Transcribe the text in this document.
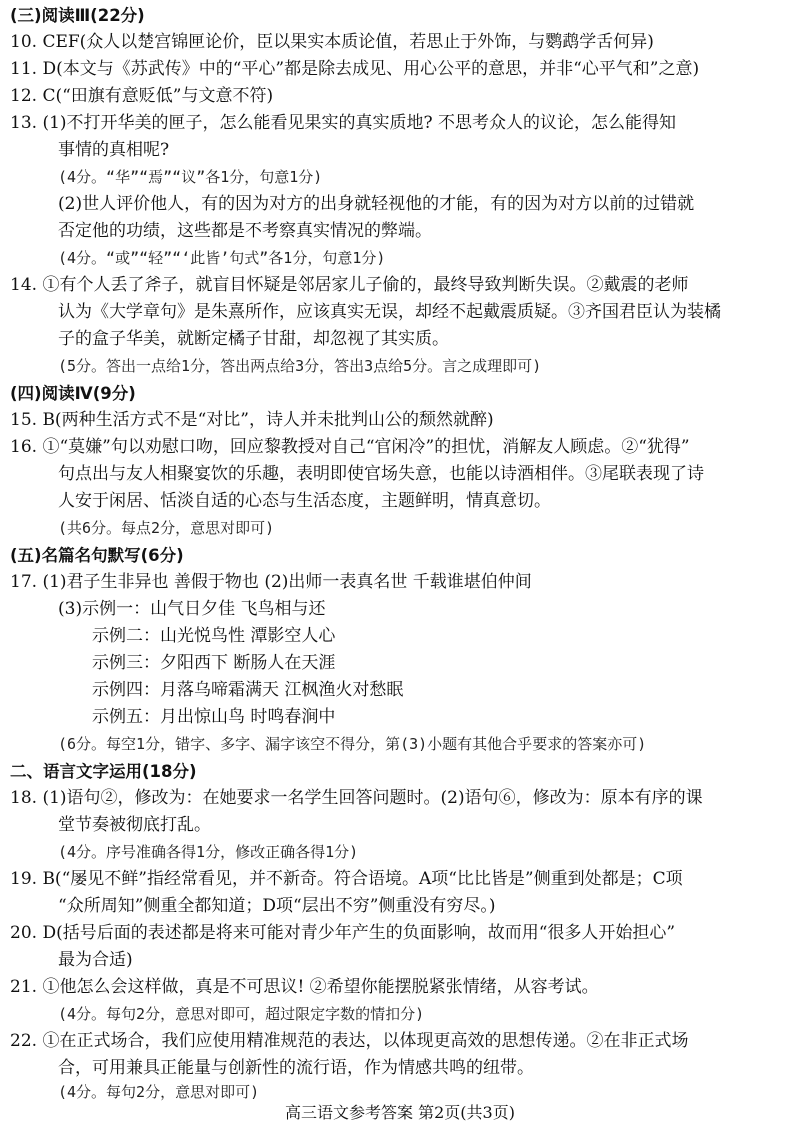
(三)阅读Ⅲ(22分)
10. CEF(众人以楚宫锦匣论价，臣以果实本质论值，若思止于外饰，与鹦鹉学舌何异)
11. D(本文与《苏武传》中的“平心”都是除去成见、用心公平的意思，并非“心平气和”之意)
12. C(“田旗有意贬低”与文意不符)
13. (1)不打开华美的匣子，怎么能看见果实的真实质地? 不思考众人的议论，怎么能得知
事情的真相呢?
(4分。“华”“焉”“议”各1分，句意1分)
(2)世人评价他人，有的因为对方的出身就轻视他的才能，有的因为对方以前的过错就
否定他的功绩，这些都是不考察真实情况的弊端。
(4分。“或”“轻”“‘此皆’句式”各1分，句意1分)
14. ①有个人丢了斧子，就盲目怀疑是邻居家儿子偷的，最终导致判断失误。②戴震的老师
认为《大学章句》是朱熹所作，应该真实无误，却经不起戴震质疑。③齐国君臣认为装橘
子的盒子华美，就断定橘子甘甜，却忽视了其实质。
(5分。答出一点给1分，答出两点给3分，答出3点给5分。言之成理即可)
(四)阅读Ⅳ(9分)
15. B(两种生活方式不是“对比”，诗人并未批判山公的颓然就醉)
16. ①“莫嫌”句以劝慰口吻，回应黎教授对自己“官闲冷”的担忧，消解友人顾虑。②“犹得”
句点出与友人相聚宴饮的乐趣，表明即使官场失意，也能以诗酒相伴。③尾联表现了诗
人安于闲居、恬淡自适的心态与生活态度，主题鲜明，情真意切。
(共6分。每点2分，意思对即可)
(五)名篇名句默写(6分)
17. (1)君子生非异也 善假于物也 (2)出师一表真名世 千载谁堪伯仲间
(3)示例一：山气日夕佳 飞鸟相与还
示例二：山光悦鸟性 潭影空人心
示例三：夕阳西下 断肠人在天涯
示例四：月落乌啼霜满天 江枫渔火对愁眠
示例五：月出惊山鸟 时鸣春涧中
(6分。每空1分，错字、多字、漏字该空不得分，第(3)小题有其他合乎要求的答案亦可)
二、语言文字运用(18分)
18. (1)语句②，修改为：在她要求一名学生回答问题时。(2)语句⑥，修改为：原本有序的课
堂节奏被彻底打乱。
(4分。序号准确各得1分，修改正确各得1分)
19. B(“屡见不鲜”指经常看见，并不新奇。符合语境。A项“比比皆是”侧重到处都是；C项
“众所周知”侧重全都知道；D项“层出不穷”侧重没有穷尽。)
20. D(括号后面的表述都是将来可能对青少年产生的负面影响，故而用“很多人开始担心”
最为合适)
21. ①他怎么会这样做，真是不可思议! ②希望你能摆脱紧张情绪，从容考试。
(4分。每句2分，意思对即可，超过限定字数的情扣分)
22. ①在正式场合，我们应使用精准规范的表达，以体现更高效的思想传递。②在非正式场
合，可用兼具正能量与创新性的流行语，作为情感共鸣的纽带。
(4分。每句2分，意思对即可)
高三语文参考答案 第2页(共3页)
